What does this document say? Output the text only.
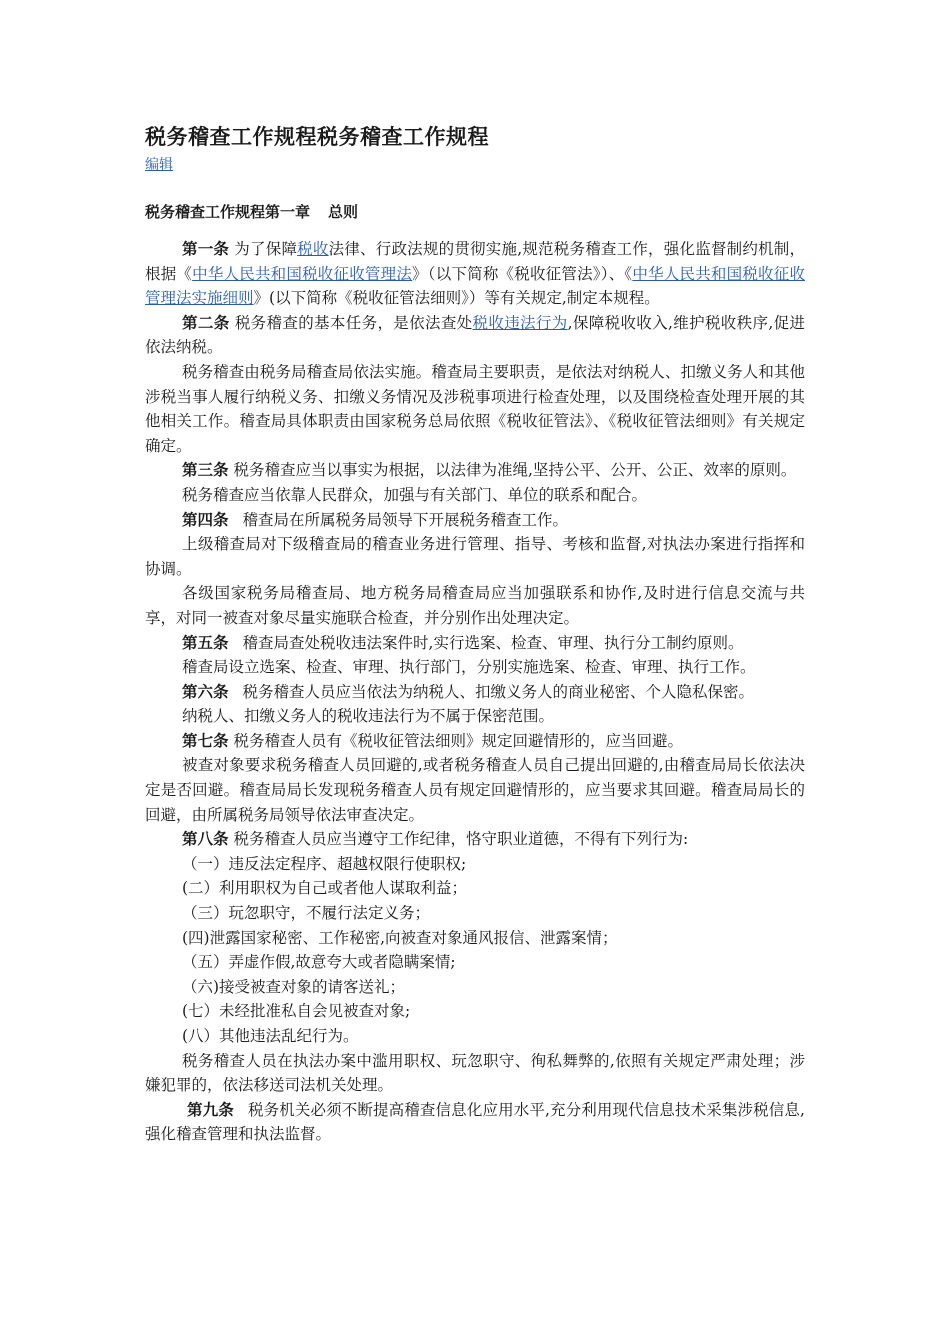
税务稽查工作规程税务稽查工作规程
编辑
税务稽查工作规程第一章 总则

第一条 为了保障税收法律、行政法规的贯彻实施,规范税务稽查工作，强化监督制约机制，根据《中华人民共和国税收征收管理法》（以下简称《税收征管法》）、《中华人民共和国税收征收管理法实施细则》(以下简称《税收征管法细则》）等有关规定,制定本规程。

第二条 税务稽查的基本任务，是依法查处税收违法行为,保障税收收入,维护税收秩序,促进依法纳税。

税务稽查由税务局稽查局依法实施。稽查局主要职责，是依法对纳税人、扣缴义务人和其他涉税当事人履行纳税义务、扣缴义务情况及涉税事项进行检查处理，以及围绕检查处理开展的其他相关工作。稽查局具体职责由国家税务总局依照《税收征管法》、《税收征管法细则》有关规定确定。

第三条 税务稽查应当以事实为根据，以法律为准绳,坚持公平、公开、公正、效率的原则。

税务稽查应当依靠人民群众，加强与有关部门、单位的联系和配合。

第四条 稽查局在所属税务局领导下开展税务稽查工作。

上级稽查局对下级稽查局的稽查业务进行管理、指导、考核和监督,对执法办案进行指挥和协调。

各级国家税务局稽查局、地方税务局稽查局应当加强联系和协作,及时进行信息交流与共享，对同一被查对象尽量实施联合检查，并分别作出处理决定。

第五条 稽查局查处税收违法案件时,实行选案、检查、审理、执行分工制约原则。

稽查局设立选案、检查、审理、执行部门，分别实施选案、检查、审理、执行工作。

第六条 税务稽查人员应当依法为纳税人、扣缴义务人的商业秘密、个人隐私保密。

纳税人、扣缴义务人的税收违法行为不属于保密范围。

第七条 税务稽查人员有《税收征管法细则》规定回避情形的，应当回避。

被查对象要求税务稽查人员回避的,或者税务稽查人员自己提出回避的,由稽查局局长依法决定是否回避。稽查局局长发现税务稽查人员有规定回避情形的，应当要求其回避。稽查局局长的回避，由所属税务局领导依法审查决定。

第八条 税务稽查人员应当遵守工作纪律，恪守职业道德，不得有下列行为:

（一）违反法定程序、超越权限行使职权;

(二）利用职权为自己或者他人谋取利益；

（三）玩忽职守，不履行法定义务；

(四)泄露国家秘密、工作秘密,向被查对象通风报信、泄露案情；

（五）弄虚作假,故意夸大或者隐瞒案情;

（六)接受被查对象的请客送礼；

(七）未经批准私自会见被查对象;

(八）其他违法乱纪行为。

税务稽查人员在执法办案中滥用职权、玩忽职守、徇私舞弊的,依照有关规定严肃处理；涉嫌犯罪的，依法移送司法机关处理。

第九条 税务机关必须不断提高稽查信息化应用水平,充分利用现代信息技术采集涉税信息,强化稽查管理和执法监督。
